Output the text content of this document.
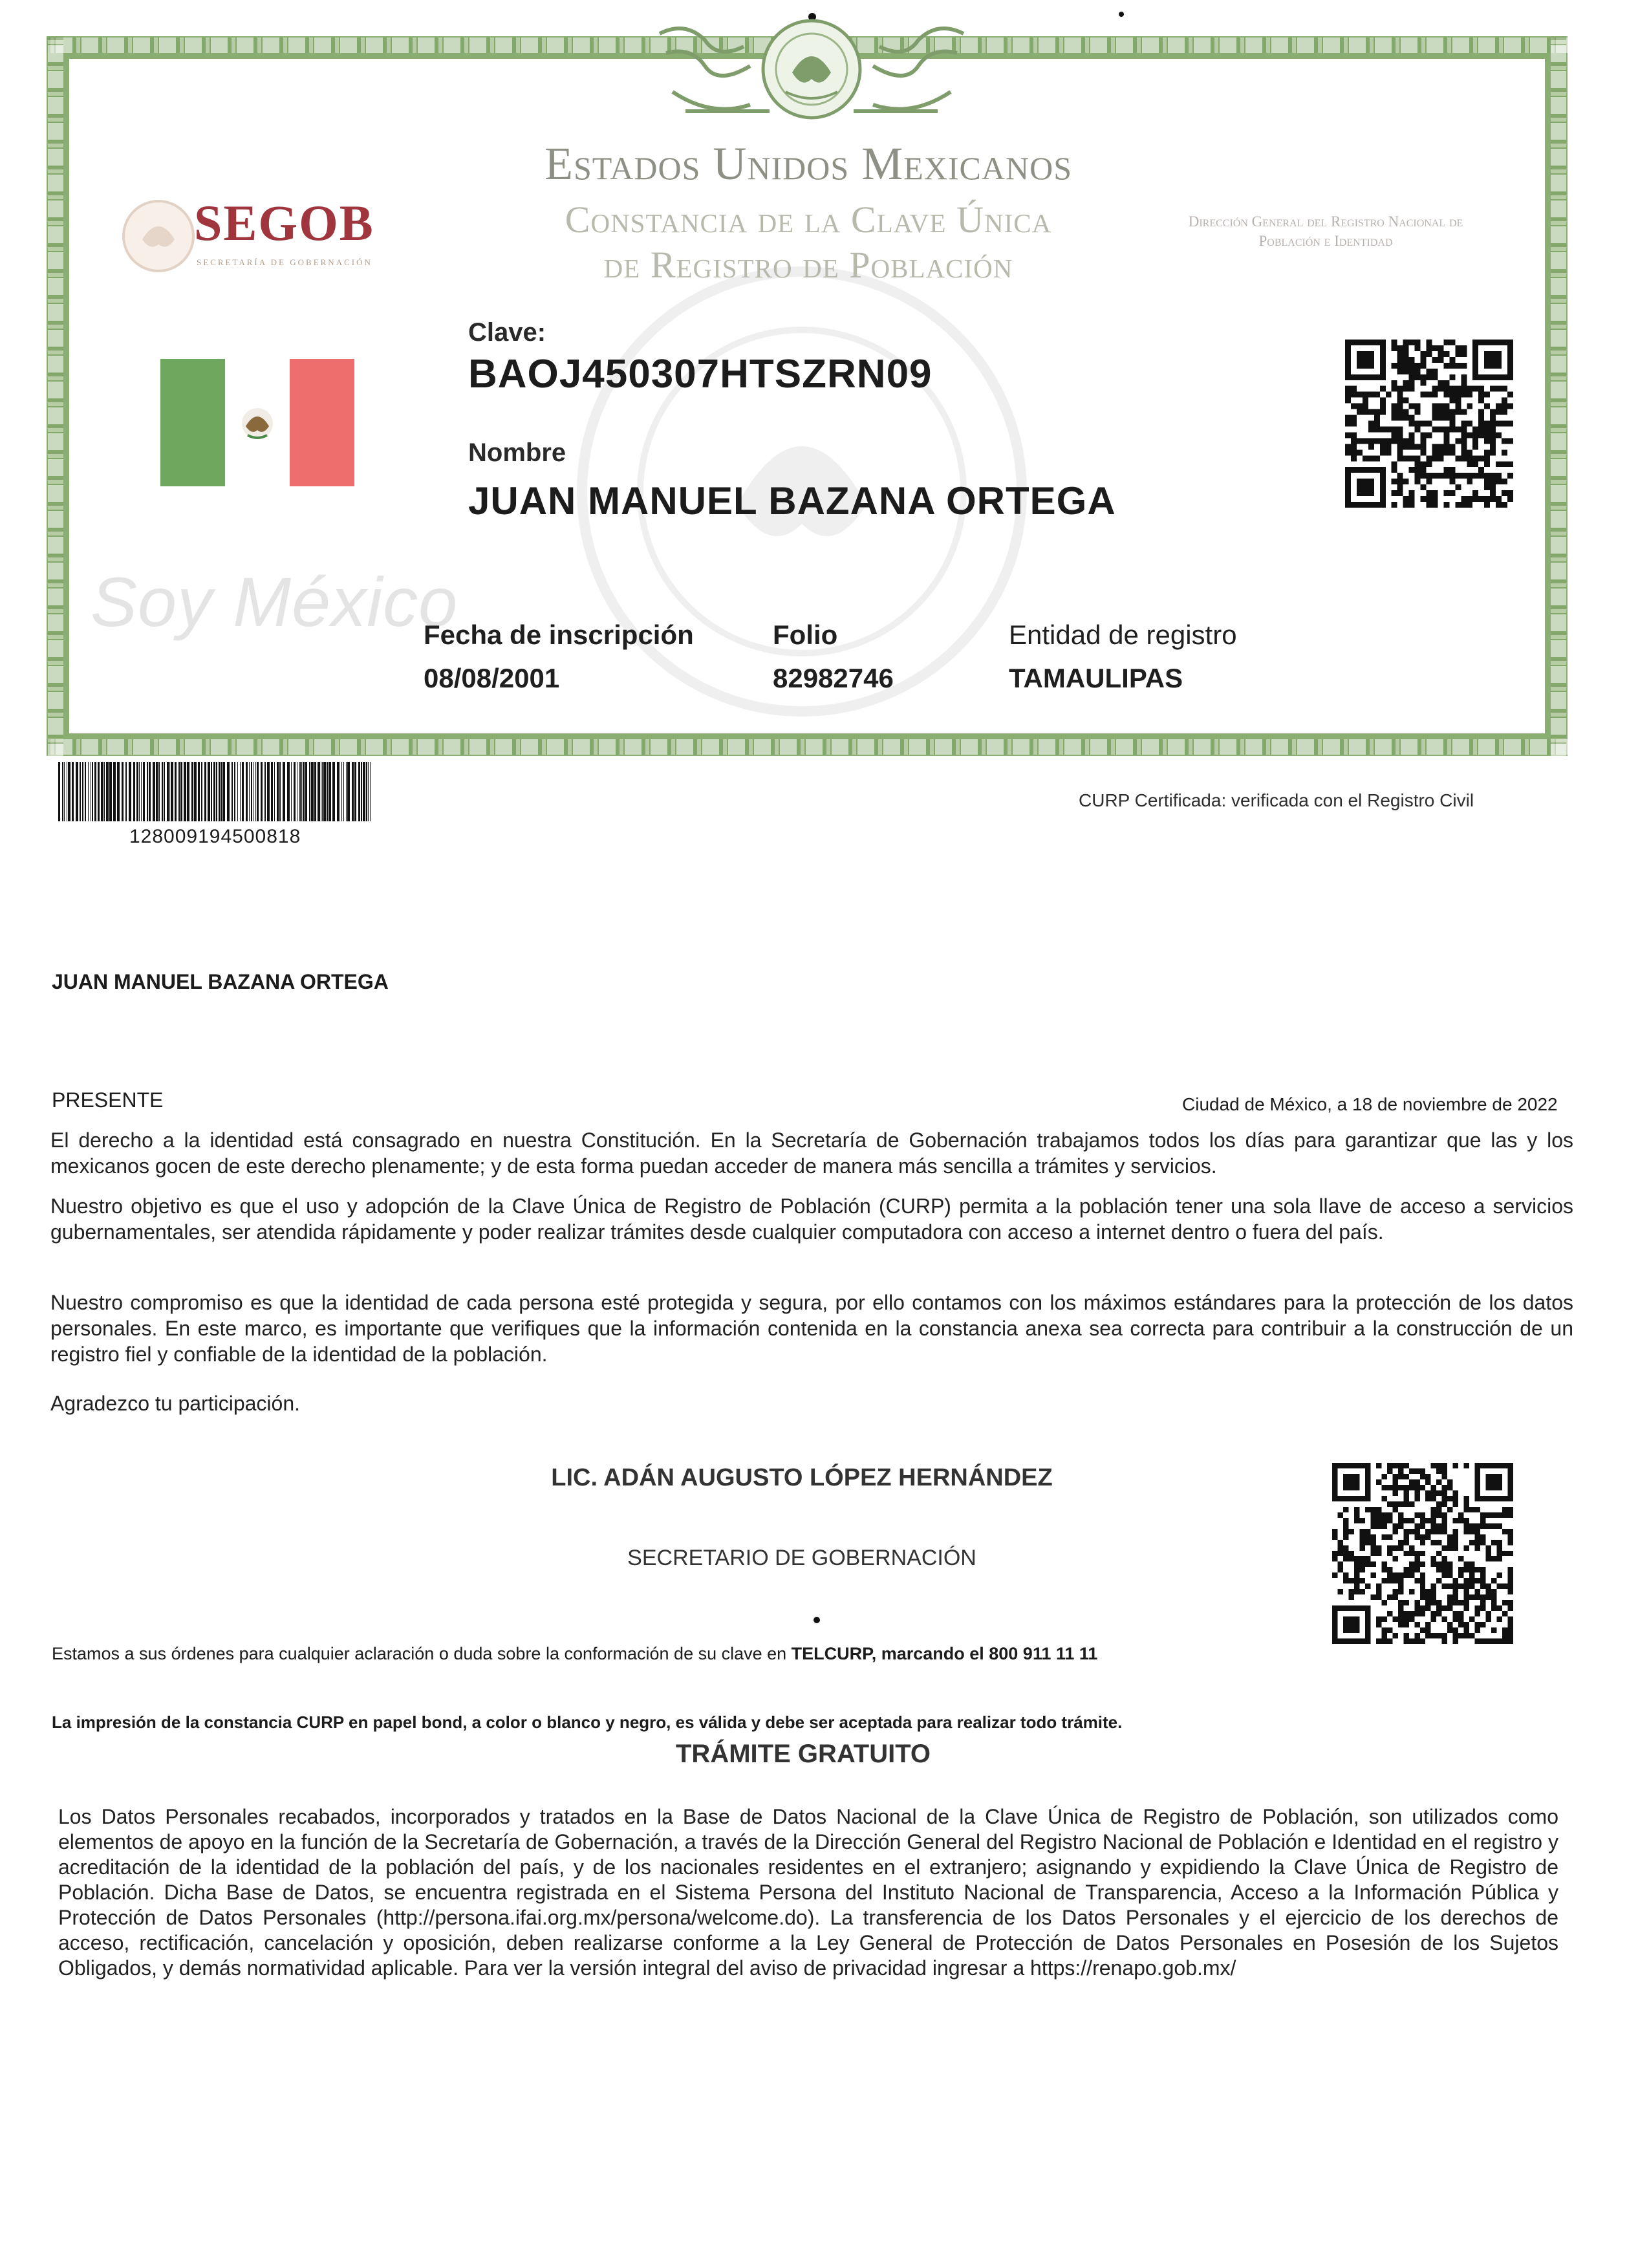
Estados Unidos Mexicanos
Constancia de la Clave Única
de Registro de Población
SEGOB
SECRETARÍA DE GOBERNACIÓN
Dirección General del Registro Nacional de Población e Identidad
Clave:
BAOJ450307HTSZRN09
Nombre
JUAN MANUEL BAZANA ORTEGA
Soy México
Fecha de inscripción
08/08/2001
Folio
82982746
Entidad de registro
TAMAULIPAS
128009194500818
CURP Certificada: verificada con el Registro Civil
JUAN MANUEL BAZANA ORTEGA
PRESENTE	Ciudad de México, a 18 de noviembre de 2022
El derecho a la identidad está consagrado en nuestra Constitución. En la Secretaría de Gobernación trabajamos todos los días para garantizar que las y los mexicanos gocen de este derecho plenamente; y de esta forma puedan acceder de manera más sencilla a trámites y servicios.
Nuestro objetivo es que el uso y adopción de la Clave Única de Registro de Población (CURP) permita a la población tener una sola llave de acceso a servicios gubernamentales, ser atendida rápidamente y poder realizar trámites desde cualquier computadora con acceso a internet dentro o fuera del país.
Nuestro compromiso es que la identidad de cada persona esté protegida y segura, por ello contamos con los máximos estándares para la protección de los datos personales. En este marco, es importante que verifiques que la información contenida en la constancia anexa sea correcta para contribuir a la construcción de un registro fiel y confiable de la identidad de la población.
Agradezco tu participación.
LIC. ADÁN AUGUSTO LÓPEZ HERNÁNDEZ
SECRETARIO DE GOBERNACIÓN
Estamos a sus órdenes para cualquier aclaración o duda sobre la conformación de su clave en TELCURP, marcando el 800 911 11 11
La impresión de la constancia CURP en papel bond, a color o blanco y negro, es válida y debe ser aceptada para realizar todo trámite.
TRÁMITE GRATUITO
Los Datos Personales recabados, incorporados y tratados en la Base de Datos Nacional de la Clave Única de Registro de Población, son utilizados como elementos de apoyo en la función de la Secretaría de Gobernación, a través de la Dirección General del Registro Nacional de Población e Identidad en el registro y acreditación de la identidad de la población del país, y de los nacionales residentes en el extranjero; asignando y expidiendo la Clave Única de Registro de Población. Dicha Base de Datos, se encuentra registrada en el Sistema Persona del Instituto Nacional de Transparencia, Acceso a la Información Pública y Protección de Datos Personales (http://persona.ifai.org.mx/persona/welcome.do). La transferencia de los Datos Personales y el ejercicio de los derechos de acceso, rectificación, cancelación y oposición, deben realizarse conforme a la Ley General de Protección de Datos Personales en Posesión de los Sujetos Obligados, y demás normatividad aplicable. Para ver la versión integral del aviso de privacidad ingresar a https://renapo.gob.mx/
